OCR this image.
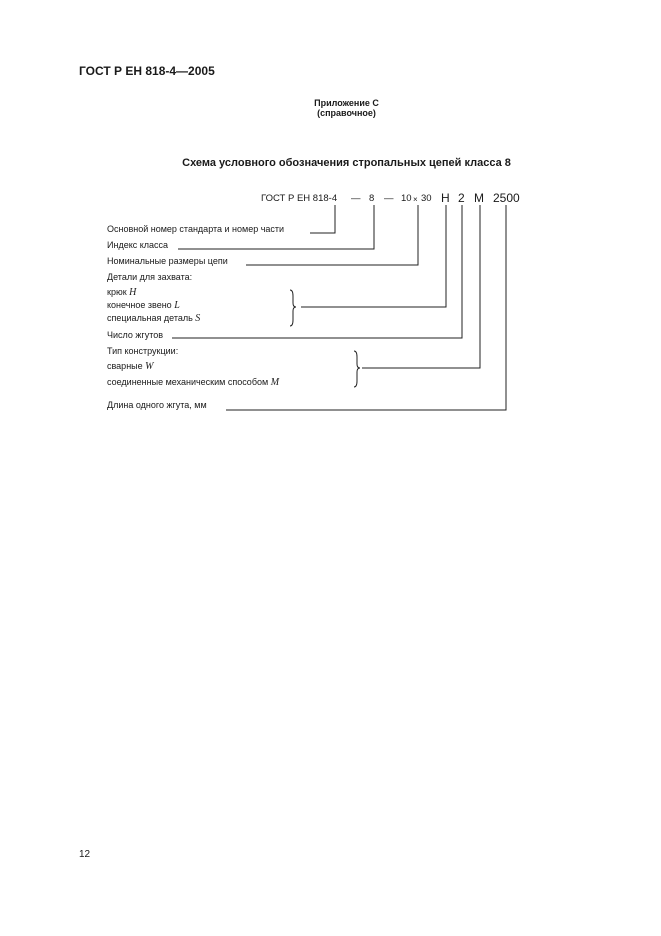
ГОСТ Р ЕН 818-4—2005
Приложение С
(справочное)
Схема условного обозначения стропальных цепей класса 8
ГОСТ Р ЕН 818-4 — 8 — 10 × 30 Н 2 М 2500
Основной номер стандарта и номер части
Индекс класса
Номинальные размеры цепи
Детали для захвата:
крюк Н
конечное звено L
специальная деталь S
Число жгутов
Тип конструкции:
сварные W
соединенные механическим способом М
Длина одного жгута, мм
12
